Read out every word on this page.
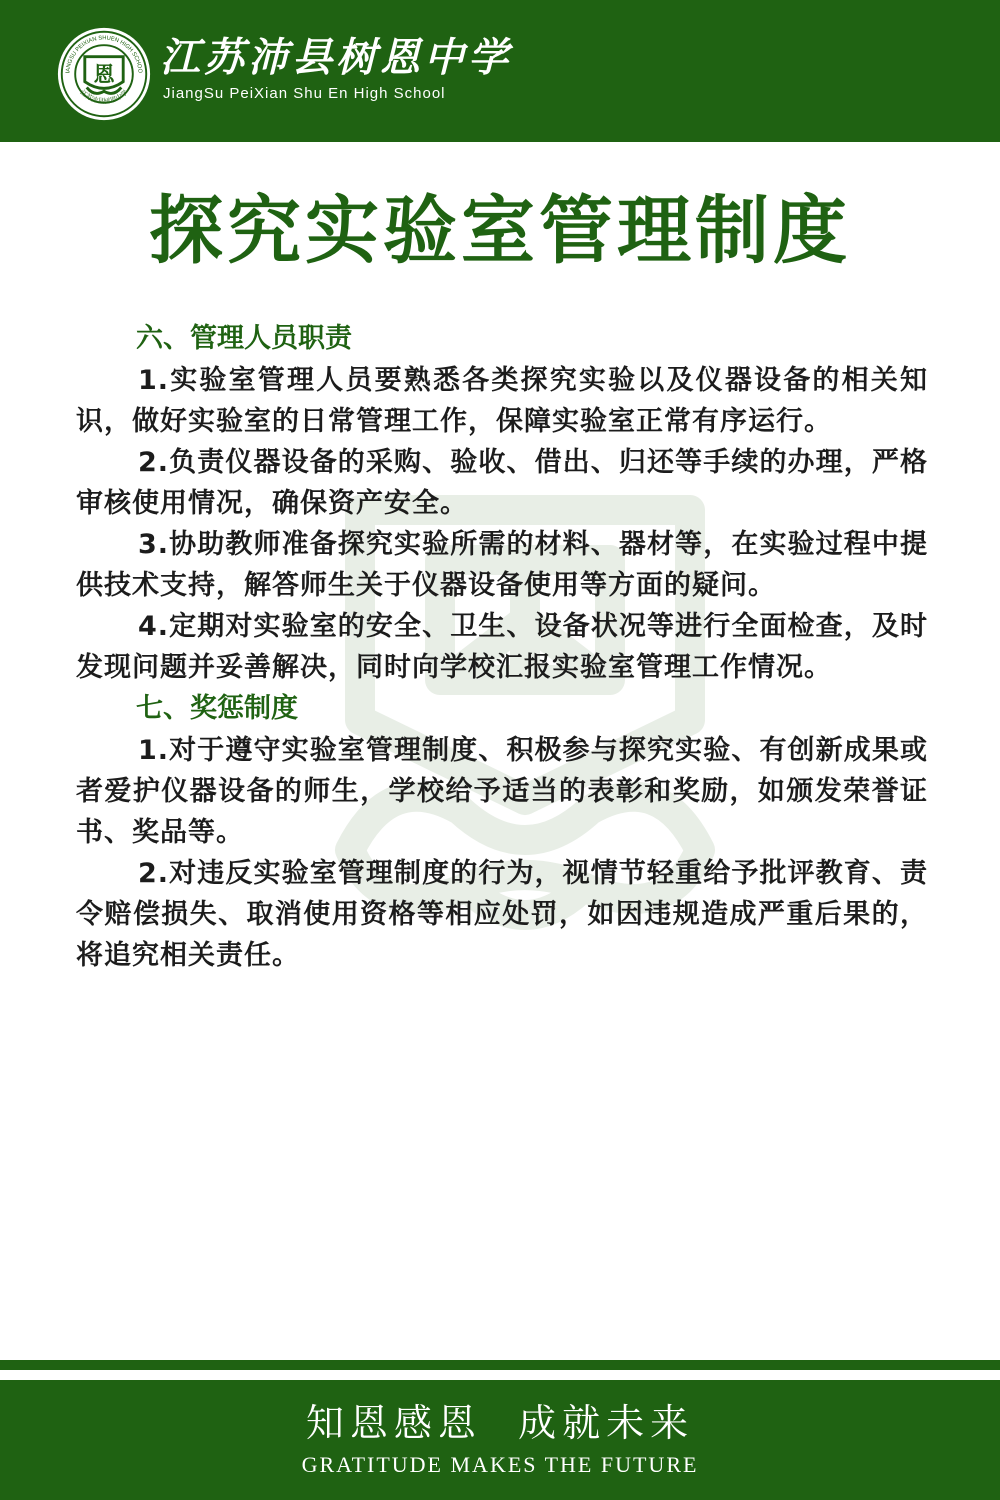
恩
IANGSU PEIXIAN SHUEN HIGH SCHOO
江苏沛县树恩中学
江苏沛县树恩中学
JiangSu PeiXian Shu En High School
探究实验室管理制度

六、管理人员职责

1.实验室管理人员要熟悉各类探究实验以及仪器设备的相关知识，做好实验室的日常管理工作，保障实验室正常有序运行。

2.负责仪器设备的采购、验收、借出、归还等手续的办理，严格审核使用情况，确保资产安全。

3.协助教师准备探究实验所需的材料、器材等，在实验过程中提供技术支持，解答师生关于仪器设备使用等方面的疑问。

4.定期对实验室的安全、卫生、设备状况等进行全面检查，及时发现问题并妥善解决，同时向学校汇报实验室管理工作情况。

七、奖惩制度

1.对于遵守实验室管理制度、积极参与探究实验、有创新成果或者爱护仪器设备的师生，学校给予适当的表彰和奖励，如颁发荣誉证书、奖品等。

2.对违反实验室管理制度的行为，视情节轻重给予批评教育、责令赔偿损失、取消使用资格等相应处罚，如因违规造成严重后果的，将追究相关责任。

知恩感恩  成就未来
GRATITUDE MAKES THE FUTURE
